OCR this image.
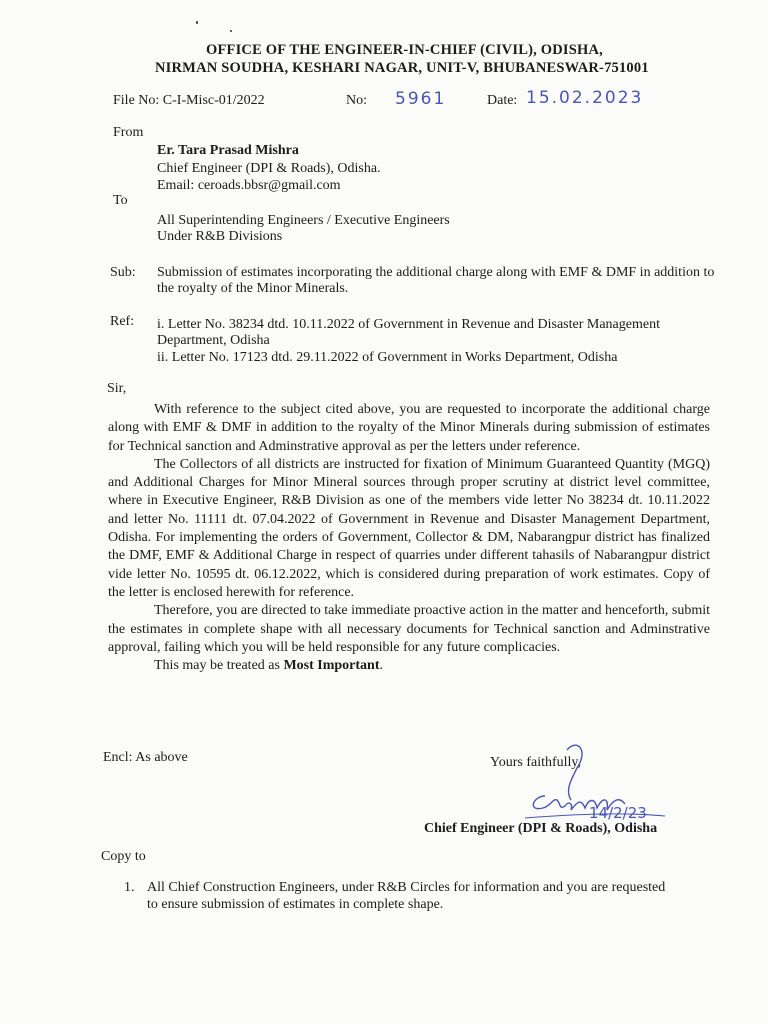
OFFICE OF THE ENGINEER-IN-CHIEF (CIVIL), ODISHA,
NIRMAN SOUDHA, KESHARI NAGAR, UNIT-V, BHUBANESWAR-751001
File No: C-I-Misc-01/2022	No: 5961	Date: 15.02.2023
From
Er. Tara Prasad Mishra
Chief Engineer (DPI & Roads), Odisha.
Email: ceroads.bbsr@gmail.com
To
All Superintending Engineers / Executive Engineers
Under R&B Divisions
Sub: Submission of estimates incorporating the additional charge along with EMF & DMF in addition to the royalty of the Minor Minerals.
Ref: i. Letter No. 38234 dtd. 10.11.2022 of Government in Revenue and Disaster Management Department, Odisha
ii. Letter No. 17123 dtd. 29.11.2022 of Government in Works Department, Odisha
Sir,

With reference to the subject cited above, you are requested to incorporate the additional charge along with EMF & DMF in addition to the royalty of the Minor Minerals during submission of estimates for Technical sanction and Adminstrative approval as per the letters under reference.

The Collectors of all districts are instructed for fixation of Minimum Guaranteed Quantity (MGQ) and Additional Charges for Minor Mineral sources through proper scrutiny at district level committee, where in Executive Engineer, R&B Division as one of the members vide letter No 38234 dt. 10.11.2022 and letter No. 11111 dt. 07.04.2022 of Government in Revenue and Disaster Management Department, Odisha. For implementing the orders of Government, Collector & DM, Nabarangpur district has finalized the DMF, EMF & Additional Charge in respect of quarries under different tahasils of Nabarangpur district vide letter No. 10595 dt. 06.12.2022, which is considered during preparation of work estimates. Copy of the letter is enclosed herewith for reference.

Therefore, you are directed to take immediate proactive action in the matter and henceforth, submit the estimates in complete shape with all necessary documents for Technical sanction and Adminstrative approval, failing which you will be held responsible for any future complicacies.

This may be treated as Most Important.

Encl: As above	Yours faithfully,
14/2/23
Chief Engineer (DPI & Roads), Odisha
Copy to
1. All Chief Construction Engineers, under R&B Circles for information and you are requested to ensure submission of estimates in complete shape.
